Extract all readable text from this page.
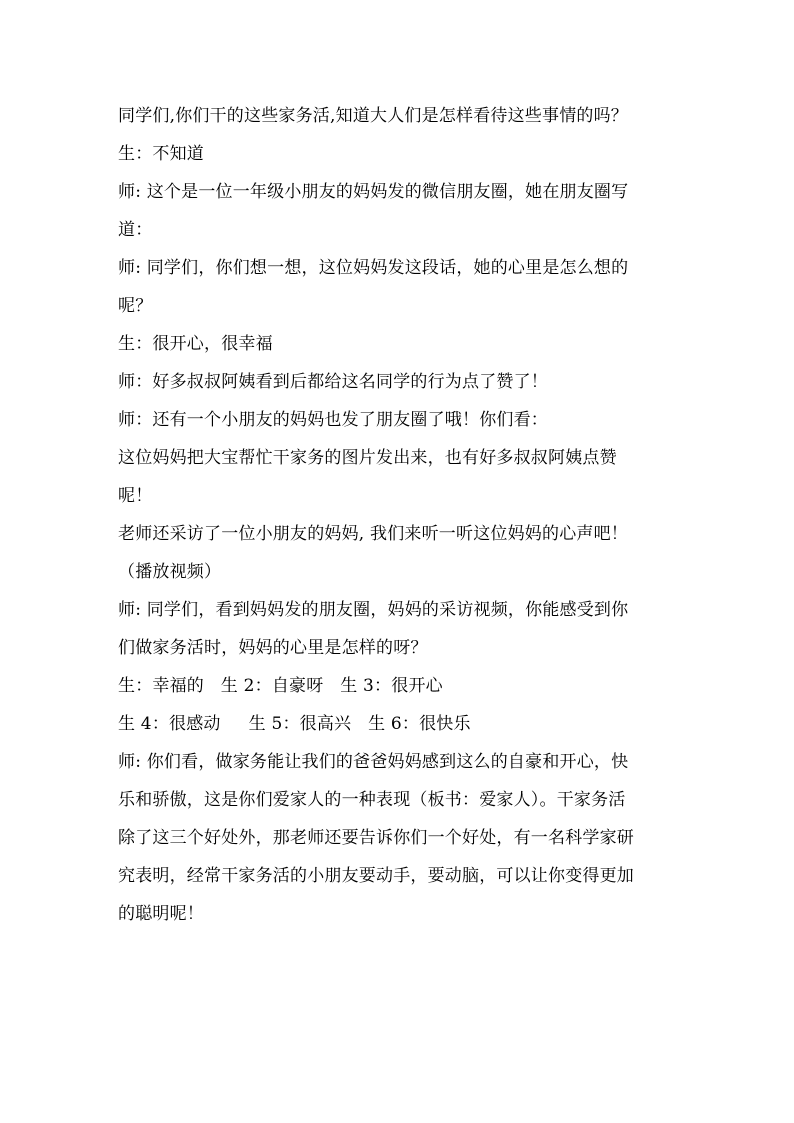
同学们,你们干的这些家务活,知道大人们是怎样看待这些事情的吗？
生：不知道
师: 这个是一位一年级小朋友的妈妈发的微信朋友圈，她在朋友圈写
道：
师: 同学们，你们想一想，这位妈妈发这段话，她的心里是怎么想的
呢？
生：很开心，很幸福
师：好多叔叔阿姨看到后都给这名同学的行为点了赞了！
师：还有一个小朋友的妈妈也发了朋友圈了哦！你们看：
这位妈妈把大宝帮忙干家务的图片发出来，也有好多叔叔阿姨点赞
呢！
老师还采访了一位小朋友的妈妈, 我们来听一听这位妈妈的心声吧！
（播放视频）
师: 同学们，看到妈妈发的朋友圈，妈妈的采访视频，你能感受到你
们做家务活时，妈妈的心里是怎样的呀？
生：幸福的   生 2：自豪呀   生 3：很开心
生 4：很感动     生 5：很高兴   生 6：很快乐
师: 你们看，做家务能让我们的爸爸妈妈感到这么的自豪和开心，快
乐和骄傲，这是你们爱家人的一种表现（板书：爱家人）。干家务活
除了这三个好处外，那老师还要告诉你们一个好处，有一名科学家研
究表明，经常干家务活的小朋友要动手，要动脑，可以让你变得更加
的聪明呢！
